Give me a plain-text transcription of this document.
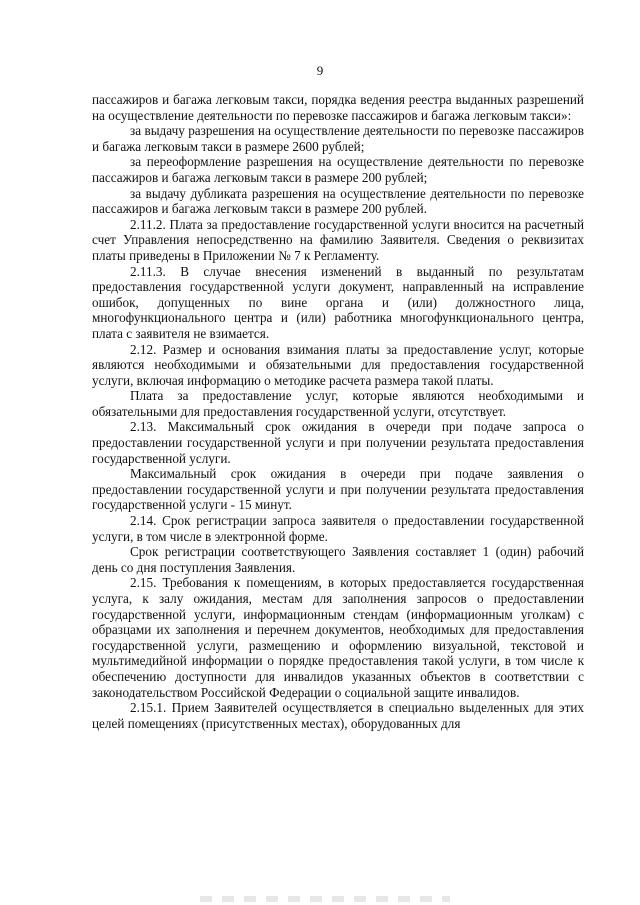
9

пассажиров и багажа легковым такси, порядка ведения реестра выданных разрешений на осуществление деятельности по перевозке пассажиров и багажа легковым такси»:

за выдачу разрешения на осуществление деятельности по перевозке пассажиров и багажа легковым такси в размере 2600 рублей;

за переоформление разрешения на осуществление деятельности по перевозке пассажиров и багажа легковым такси в размере 200 рублей;

за выдачу дубликата разрешения на осуществление деятельности по перевозке пассажиров и багажа легковым такси в размере 200 рублей.

2.11.2. Плата за предоставление государственной услуги вносится на расчетный счет Управления непосредственно на фамилию Заявителя. Сведения о реквизитах платы приведены в Приложении № 7 к Регламенту.

2.11.3. В случае внесения изменений в выданный по результатам предоставления государственной услуги документ, направленный на исправление ошибок, допущенных по вине органа и (или) должностного лица, многофункционального центра и (или) работника многофункционального центра, плата с заявителя не взимается.

2.12. Размер и основания взимания платы за предоставление услуг, которые являются необходимыми и обязательными для предоставления государственной услуги, включая информацию о методике расчета размера такой платы.

Плата за предоставление услуг, которые являются необходимыми и обязательными для предоставления государственной услуги, отсутствует.

2.13. Максимальный срок ожидания в очереди при подаче запроса о предоставлении государственной услуги и при получении результата предоставления государственной услуги.

Максимальный срок ожидания в очереди при подаче заявления о предоставлении государственной услуги и при получении результата предоставления государственной услуги - 15 минут.

2.14. Срок регистрации запроса заявителя о предоставлении государственной услуги, в том числе в электронной форме.

Срок регистрации соответствующего Заявления составляет 1 (один) рабочий день со дня поступления Заявления.

2.15. Требования к помещениям, в которых предоставляется государственная услуга, к залу ожидания, местам для заполнения запросов о предоставлении государственной услуги, информационным стендам (информационным уголкам) с образцами их заполнения и перечнем документов, необходимых для предоставления государственной услуги, размещению и оформлению визуальной, текстовой и мультимедийной информации о порядке предоставления такой услуги, в том числе к обеспечению доступности для инвалидов указанных объектов в соответствии с законодательством Российской Федерации о социальной защите инвалидов.

2.15.1. Прием Заявителей осуществляется в специально выделенных для этих целей помещениях (присутственных местах), оборудованных для
